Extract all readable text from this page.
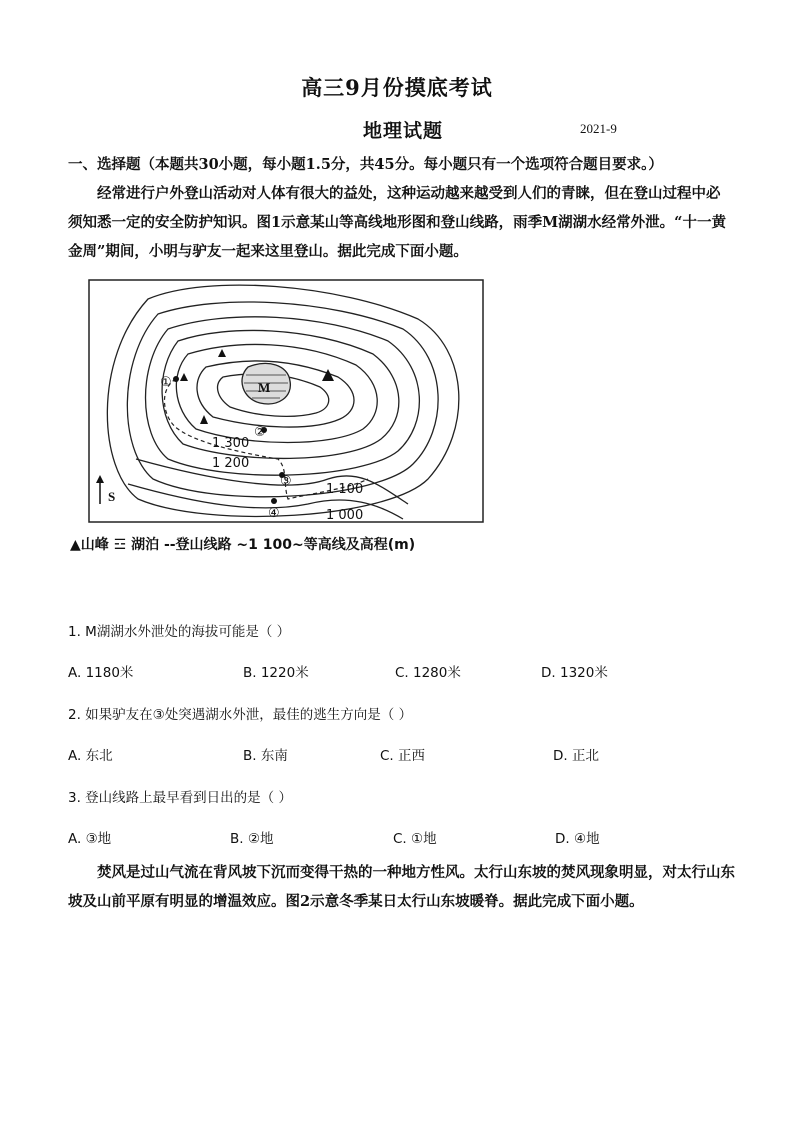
高三9月份摸底考试
地理试题	2021-9
一、选择题（本题共30小题，每小题1.5分，共45分。每小题只有一个选项符合题目要求。）
经常进行户外登山活动对人体有很大的益处，这种运动越来越受到人们的青睐，但在登山过程中必须知悉一定的安全防护知识。图1示意某山等高线地形图和登山线路，雨季M湖湖水经常外泄。“十一黄金周”期间，小明与驴友一起来这里登山。据此完成下面小题。
M
①
②
③
④
1 300
1 200
1 100
1 000
S
▲山峰 ☲ 湖泊 --登山线路 ~1 100~等高线及高程(m)
1. M湖湖水外泄处的海拔可能是（ ）
A. 1180米	B. 1220米	C. 1280米	D. 1320米
2. 如果驴友在③处突遇湖水外泄，最佳的逃生方向是（ ）
A. 东北	B. 东南	C. 正西	D. 正北
3. 登山线路上最早看到日出的是（ ）
A. ③地	B. ②地	C. ①地	D. ④地
焚风是过山气流在背风坡下沉而变得干热的一种地方性风。太行山东坡的焚风现象明显，对太行山东坡及山前平原有明显的增温效应。图2示意冬季某日太行山东坡暖脊。据此完成下面小题。
